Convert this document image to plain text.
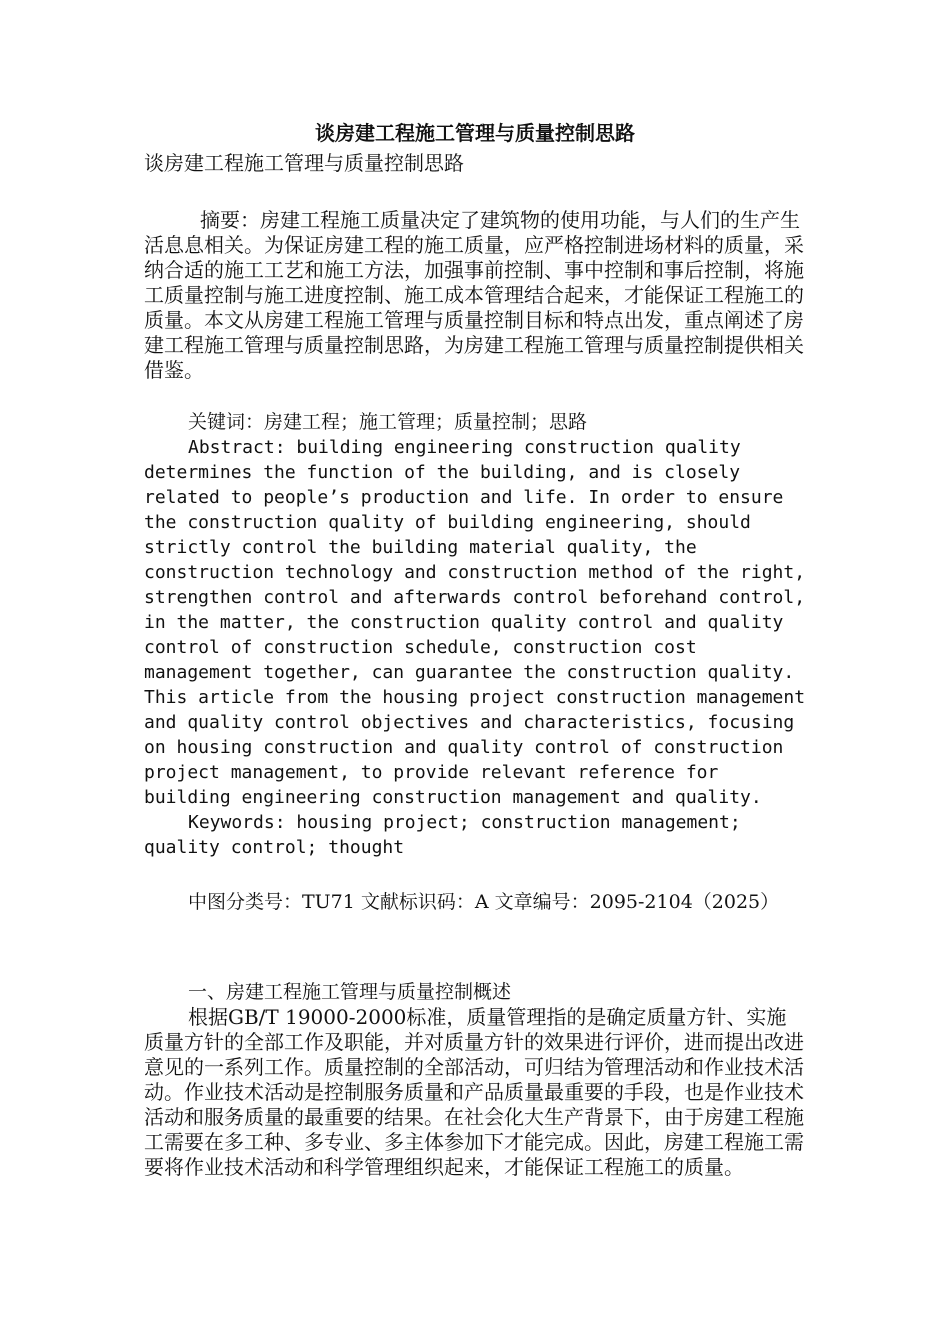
谈房建工程施工管理与质量控制思路

谈房建工程施工管理与质量控制思路

摘要：房建工程施工质量决定了建筑物的使用功能，与人们的生产生活息息相关。为保证房建工程的施工质量，应严格控制进场材料的质量，采纳合适的施工工艺和施工方法，加强事前控制、事中控制和事后控制，将施工质量控制与施工进度控制、施工成本管理结合起来，才能保证工程施工的质量。本文从房建工程施工管理与质量控制目标和特点出发，重点阐述了房建工程施工管理与质量控制思路，为房建工程施工管理与质量控制提供相关借鉴。

关键词：房建工程；施工管理；质量控制；思路

Abstract: building engineering construction quality determines the function of the building, and is closely related to people’s production and life. In order to ensure the construction quality of building engineering, should strictly control the building material quality, the construction technology and construction method of the right, strengthen control and afterwards control beforehand control, in the matter, the construction quality control and quality control of construction schedule, construction cost management together, can guarantee the construction quality. This article from the housing project construction management and quality control objectives and characteristics, focusing on housing construction and quality control of construction project management, to provide relevant reference for building engineering construction management and quality.

Keywords: housing project; construction management; quality control; thought

中图分类号：TU71 文献标识码：A 文章编号：2095-2104（2025）

一、房建工程施工管理与质量控制概述

根据GB/T 19000-2000标准，质量管理指的是确定质量方针、实施质量方针的全部工作及职能，并对质量方针的效果进行评价，进而提出改进意见的一系列工作。质量控制的全部活动，可归结为管理活动和作业技术活动。作业技术活动是控制服务质量和产品质量最重要的手段，也是作业技术活动和服务质量的最重要的结果。在社会化大生产背景下，由于房建工程施工需要在多工种、多专业、多主体参加下才能完成。因此，房建工程施工需要将作业技术活动和科学管理组织起来，才能保证工程施工的质量。
